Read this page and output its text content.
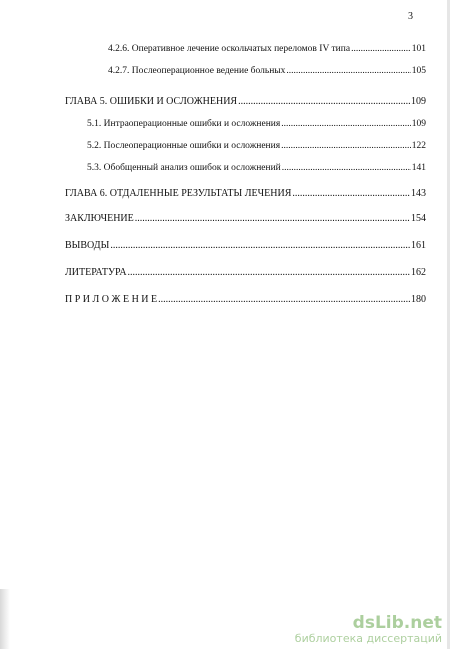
3
4.2.6. Оперативное лечение оскольчатых переломов IV типа .....	101
4.2.7. Послеоперационное ведение больных .....	105
ГЛАВА 5. ОШИБКИ И ОСЛОЖНЕНИЯ .....	109
5.1. Интраоперационные ошибки и осложнения .....	109
5.2. Послеоперационные ошибки и осложнения .....	122
5.3. Обобщенный анализ ошибок и осложнений .....	141
ГЛАВА 6. ОТДАЛЕННЫЕ РЕЗУЛЬТАТЫ ЛЕЧЕНИЯ .....	143
ЗАКЛЮЧЕНИЕ .....	154
ВЫВОДЫ .....	161
ЛИТЕРАТУРА .....	162
П Р И Л О Ж Е Н И Е .....	180
dsLib.net
библиотека диссертаций
